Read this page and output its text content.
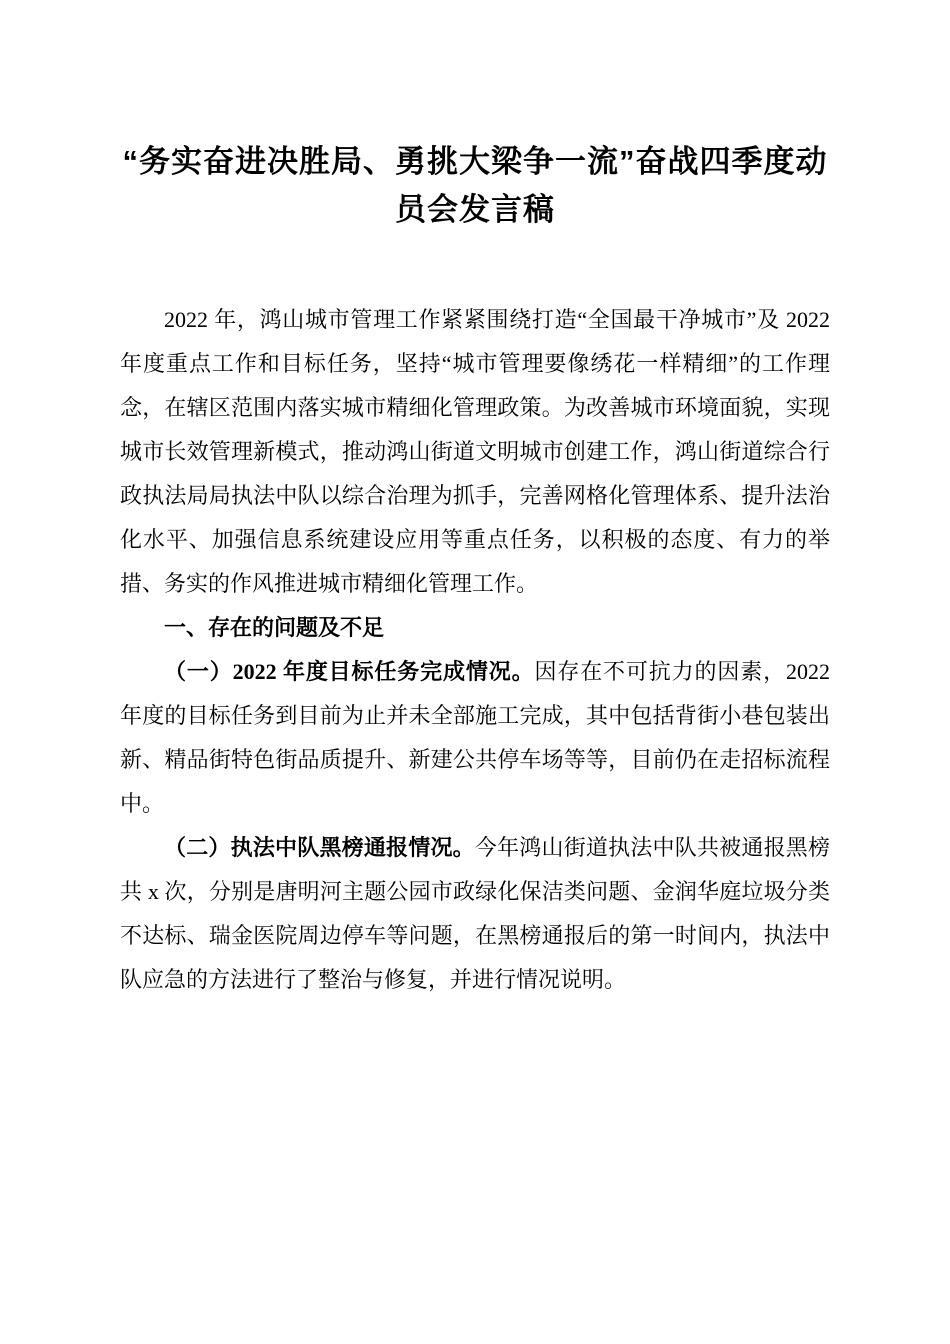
“务实奋进决胜局、勇挑大梁争一流”奋战四季度动员会发言稿

2022 年，鸿山城市管理工作紧紧围绕打造“全国最干净城市”及 2022 年度重点工作和目标任务，坚持“城市管理要像绣花一样精细”的工作理念，在辖区范围内落实城市精细化管理政策。为改善城市环境面貌，实现城市长效管理新模式，推动鸿山街道文明城市创建工作，鸿山街道综合行政执法局局执法中队以综合治理为抓手，完善网格化管理体系、提升法治化水平、加强信息系统建设应用等重点任务，以积极的态度、有力的举措、务实的作风推进城市精细化管理工作。

一、存在的问题及不足

（一）2022 年度目标任务完成情况。因存在不可抗力的因素，2022 年度的目标任务到目前为止并未全部施工完成，其中包括背街小巷包装出新、精品街特色街品质提升、新建公共停车场等等，目前仍在走招标流程中。

（二）执法中队黑榜通报情况。今年鸿山街道执法中队共被通报黑榜共 x 次，分别是唐明河主题公园市政绿化保洁类问题、金润华庭垃圾分类不达标、瑞金医院周边停车等问题，在黑榜通报后的第一时间内，执法中队应急的方法进行了整治与修复，并进行情况说明。
